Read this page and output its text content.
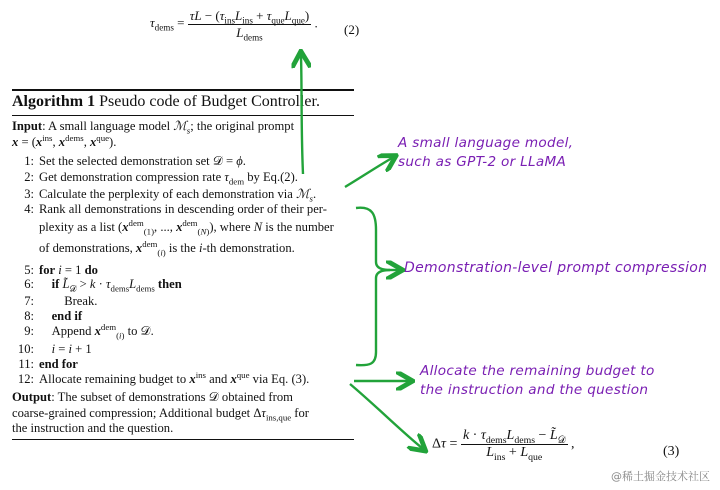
$\tau_{dems} = \frac{\tau L - (\tau_{ins}L_{ins} + \tau_{que}L_{que})}{L_{dems}}$ .	(2)
Algorithm 1 Pseudo code of Budget Controller.
Input: A small language model ℳ$_s$; the original prompt
$x = (x^{ins}$, $x^{dems}$, $x^{que}$).
1: Set the selected demonstration set 𝒟 = ϕ.
2: Get demonstration compression rate $\tau_{dem}$ by Eq.(2).
3: Calculate the perplexity of each demonstration via ℳ$_s$.
4: Rank all demonstrations in descending order of their per-
plexity as a list ($x^{dem}_{(1)}$, ..., $x^{dem}_{(N)}$), where N is the number
of demonstrations, $x^{dem}_{(i)}$ is the i-th demonstration.
5: for i = 1 do
6: if $L̃_𝒟 > k \cdot \tau_{dems}L_{dems}$ then
7:        Break.
8: end if
9:    Append $x^{dem}_{(i)}$ to 𝒟.
10: i = i + 1
11: end for
12: Allocate remaining budget to $x^{ins}$ and $x^{que}$ via Eq. (3).
Output: The subset of demonstrations 𝒟 obtained from
coarse-grained compression; Additional budget $\Delta\tau_{ins,que}$ for
the instruction and the question.
$\Delta\tau = \frac{k \cdot \tau_{dems}L_{dems} - L̃_𝒟}{L_{ins} + L_{que}}$ ,	(3)
A small language model,
such as GPT-2 or LLaMA
Demonstration-level prompt compression
Allocate the remaining budget to
the instruction and the question
@稀土掘金技术社区
